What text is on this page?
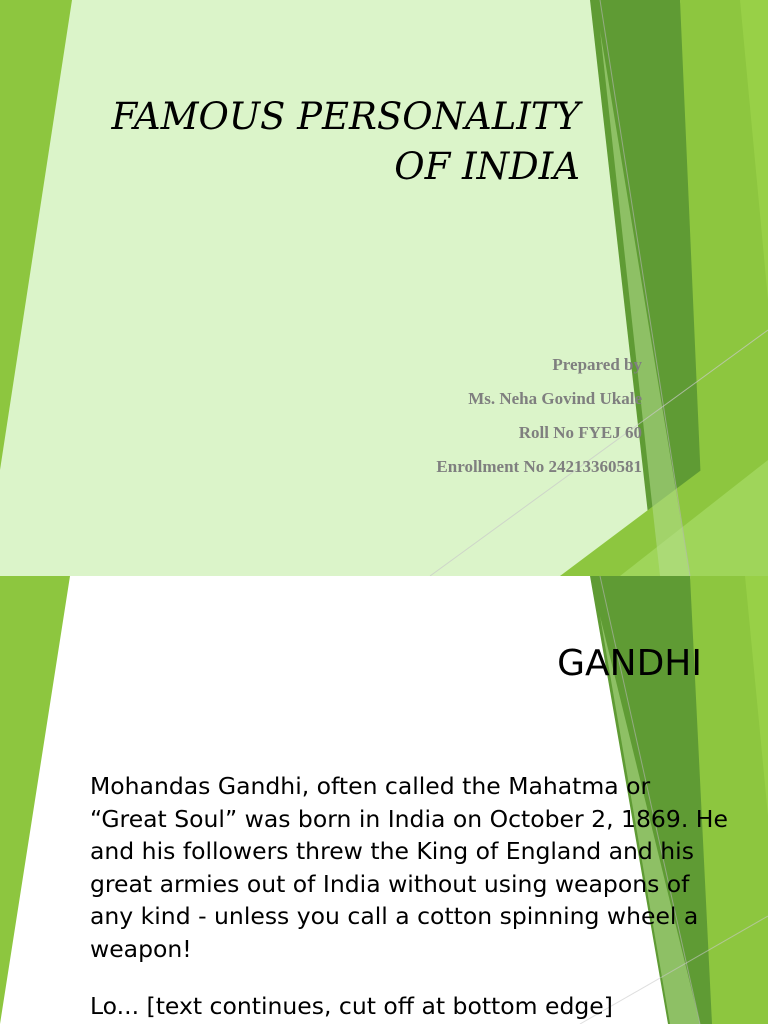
FAMOUS PERSONALITY
OF INDIA
Prepared by
Ms. Neha Govind Ukale
Roll No FYEJ 60
Enrollment No 24213360581
GANDHI

Mohandas Gandhi, often called the Mahatma or “Great Soul” was born in India on October 2, 1869. He and his followers threw the King of England and his great armies out of India without using weapons of any kind - unless you call a cotton spinning wheel a weapon!

Lo... [text continues, cut off at bottom edge]
